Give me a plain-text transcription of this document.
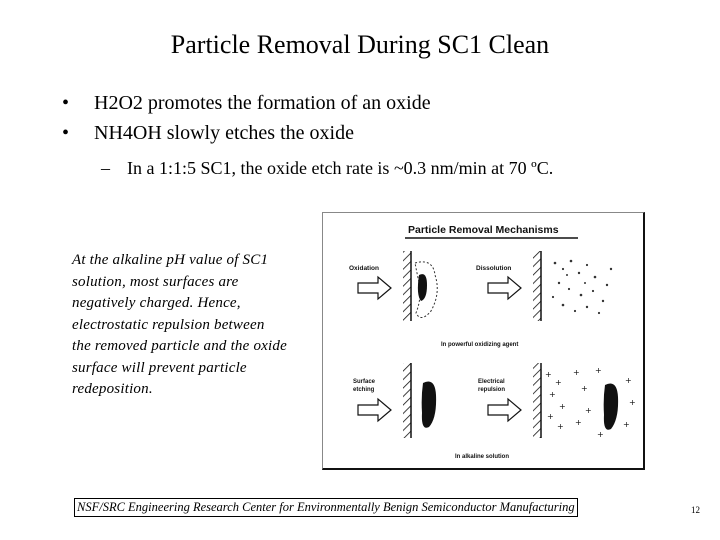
Particle Removal During SC1 Clean
•	H2O2 promotes the formation of an oxide
•	NH4OH slowly etches the oxide
– In a 1:1:5 SC1, the oxide etch rate is ~0.3 nm/min at 70 ºC.
At the alkaline pH value of SC1 solution, most surfaces are negatively charged. Hence, electrostatic repulsion between the removed particle and the oxide surface will prevent particle redeposition.
Particle Removal Mechanisms
Oxidation	Dissolution
In powerful oxidizing agent
Surface
etching
Electrical
repulsion
In alkaline solution
+
+
+
+
+
+
+
+
+
+
+
+
+
+
+
NSF/SRC Engineering Research Center for Environmentally Benign Semiconductor Manufacturing	12
